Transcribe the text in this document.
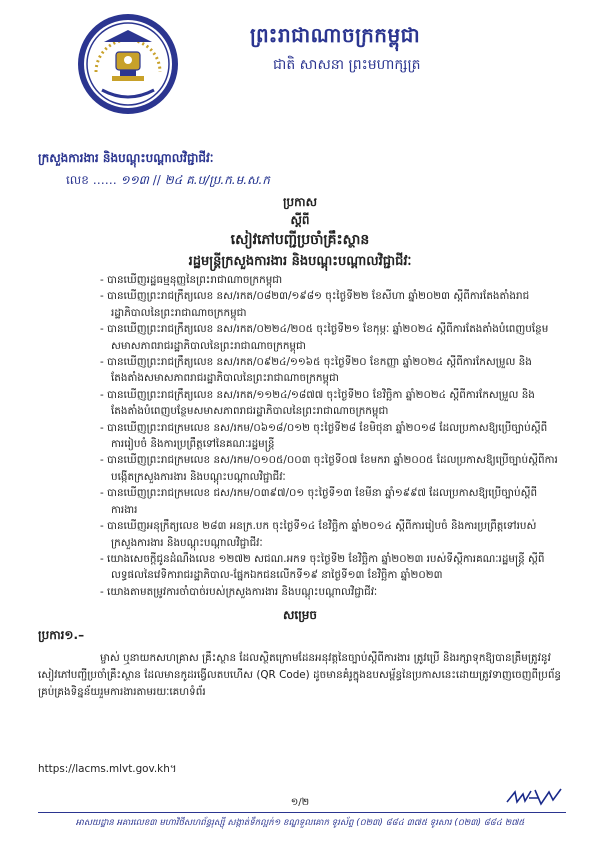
ព្រះរាជាណាចក្រកម្ពុជា
ជាតិ សាសនា ព្រះមហាក្សត្រ
ក្រសួងការងារ និងបណ្តុះបណ្តាលវិជ្ជាជីវៈ
លេខ …… ១១៣ // ២៤ គ.ប/ប្រ.ក.ម.ស.ក
ប្រកាស
ស្តីពី
សៀវភៅបញ្ជីប្រចាំគ្រឹះស្ថាន
រដ្ឋមន្ត្រីក្រសួងការងារ និងបណ្តុះបណ្តាលវិជ្ជាជីវៈ
- បានឃើញរដ្ឋធម្មនុញ្ញនៃព្រះរាជាណាចក្រកម្ពុជា
- បានឃើញព្រះរាជក្រឹត្យលេខ នស/រកត/០៨២៣/១៩៨១ ចុះថ្ងៃទី២២ ខែសីហា ឆ្នាំ២០២៣ ស្តីពីការតែងតាំងរាជរដ្ឋាភិបាលនៃព្រះរាជាណាចក្រកម្ពុជា
- បានឃើញព្រះរាជក្រឹត្យលេខ នស/រកត/០២២៤/២០៥ ចុះថ្ងៃទី២១ ខែកុម្ភៈ ឆ្នាំ២០២៤ ស្តីពីការតែងតាំងបំពេញបន្ថែមសមាសភាពរាជរដ្ឋាភិបាលនៃព្រះរាជាណាចក្រកម្ពុជា
- បានឃើញព្រះរាជក្រឹត្យលេខ នស/រកត/០៩២៤/១១៦៥ ចុះថ្ងៃទី២០ ខែកញ្ញា ឆ្នាំ២០២៤ ស្តីពីការកែសម្រួល និងតែងតាំងសមាសភាពរាជរដ្ឋាភិបាលនៃព្រះរាជាណាចក្រកម្ពុជា
- បានឃើញព្រះរាជក្រឹត្យលេខ នស/រកត/១១២៤/១៨៧៧ ចុះថ្ងៃទី២០ ខែវិច្ឆិកា ឆ្នាំ២០២៤ ស្តីពីការកែសម្រួល និងតែងតាំងបំពេញបន្ថែមសមាសភាពរាជរដ្ឋាភិបាលនៃព្រះរាជាណាចក្រកម្ពុជា
- បានឃើញព្រះរាជក្រមលេខ នស/រកម/០៦១៨/០១២ ចុះថ្ងៃទី២៨ ខែមិថុនា ឆ្នាំ២០១៨ ដែលប្រកាសឱ្យប្រើច្បាប់ស្តីពីការរៀបចំ និងការប្រព្រឹត្តទៅនៃគណៈរដ្ឋមន្ត្រី
- បានឃើញព្រះរាជក្រមលេខ នស/រកម/០១០៥/០០៣ ចុះថ្ងៃទី០៧ ខែមករា ឆ្នាំ២០០៥ ដែលប្រកាសឱ្យប្រើច្បាប់ស្តីពីការបង្កើតក្រសួងការងារ និងបណ្តុះបណ្តាលវិជ្ជាជីវៈ
- បានឃើញព្រះរាជក្រមលេខ ជស/រកម/០៣៩៧/០១ ចុះថ្ងៃទី១៣ ខែមីនា ឆ្នាំ១៩៩៧ ដែលប្រកាសឱ្យប្រើច្បាប់ស្តីពីការងារ
- បានឃើញអនុក្រឹត្យលេខ ២៨៣ អនក្រ.បក ចុះថ្ងៃទី១៤ ខែវិច្ឆិកា ឆ្នាំ២០១៤ ស្តីពីការរៀបចំ និងការប្រព្រឹត្តទៅរបស់ក្រសួងការងារ និងបណ្តុះបណ្តាលវិជ្ជាជីវៈ
- យោងសេចក្តីជូនដំណឹងលេខ ១២៧២ សជណ.អកទ ចុះថ្ងៃទី២ ខែវិច្ឆិកា ឆ្នាំ២០២៣ របស់ទីស្តីការគណៈរដ្ឋមន្ត្រី ស្តីពីលទ្ធផលនៃវេទិការាជរដ្ឋាភិបាល-ផ្នែកឯកជនលើកទី១៩ នាថ្ងៃទី១៣ ខែវិច្ឆិកា ឆ្នាំ២០២៣
- យោងតាមតម្រូវការចាំបាច់របស់ក្រសួងការងារ និងបណ្តុះបណ្តាលវិជ្ជាជីវៈ
សម្រេច
ប្រការ១.–

ម្ចាស់ ឬនាយកសហគ្រាស គ្រឹះស្ថាន ដែលស្ថិតក្រោមដែនអនុវត្តនៃច្បាប់ស្តីពីការងារ ត្រូវប្រើ និងរក្សាទុកឱ្យបានត្រឹមត្រូវនូវសៀវភៅបញ្ជីប្រចាំគ្រឹះស្ថាន ដែលមានកូដរង្វើលតបហើស (QR Code) ដូចមានគំរូក្នុងឧបសម្ព័ន្ធនៃប្រកាសនេះដោយត្រូវទាញចេញពីប្រព័ន្ធគ្រប់គ្រងទិន្នន័យរួមការងារតាមរយៈគេហទំព័រ

https://lacms.mlvt.gov.kh។
១/២
អាសយដ្ឋាន អគារលេខ៣ មហាវិថីសហព័ន្ធរុស្ស៊ី សង្កាត់ទឹកល្អក់១ ខណ្ឌទួលគោក ទូរស័ព្ទ (០២៣) ៨៨៤ ៣៧៥ ទូរសារ (០២៣) ៨៨៤ ២៧៥
